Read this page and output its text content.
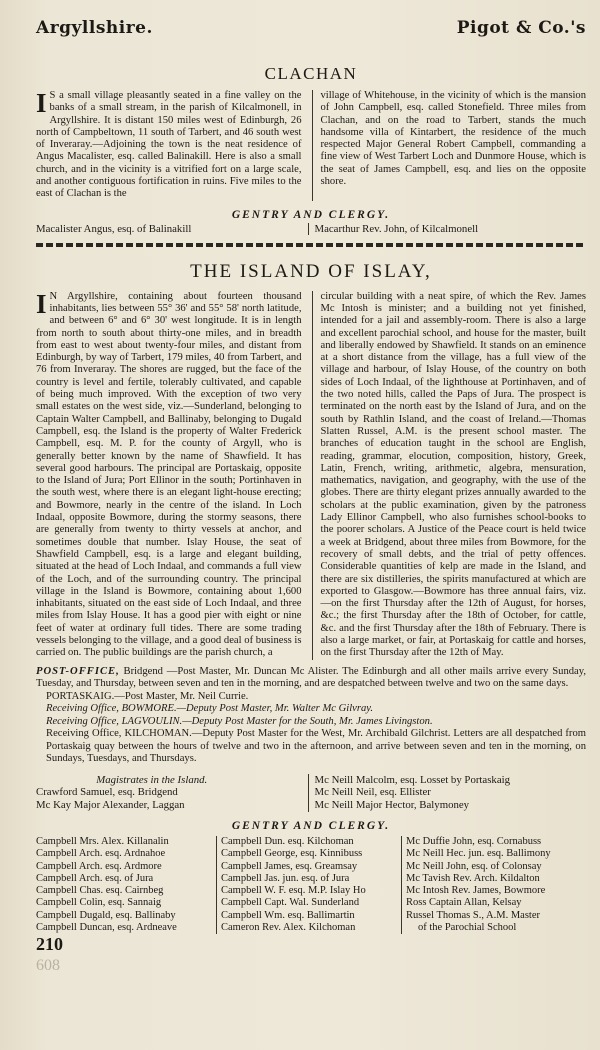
Argyllshire.	Pigot & Co.'s
CLACHAN
I S a small village pleasantly seated in a fine valley on the banks of a small stream, in the parish of Kilcalmonell, in Argyllshire. It is distant 150 miles west of Edinburgh, 26 north of Campbeltown, 11 south of Tarbert, and 46 south west of Inveraray.—Adjoining the town is the neat residence of Angus Macalister, esq. called Balinakill. Here is also a small church, and in the vicinity is a vitrified fort on a large scale, and another contiguous fortification in ruins. Five miles to the east of Clachan is the
village of Whitehouse, in the vicinity of which is the mansion of John Campbell, esq. called Stonefield. Three miles from Clachan, and on the road to Tarbert, stands the much handsome villa of Kintarbert, the residence of the much respected Major General Robert Campbell, commanding a fine view of West Tarbert Loch and Dunmore House, which is the seat of James Campbell, esq. and lies on the opposite shore.
GENTRY AND CLERGY.
Macalister Angus, esq. of Balinakill	Macarthur Rev. John, of Kilcalmonell
THE ISLAND OF ISLAY,
I N Argyllshire, containing about fourteen thousand inhabitants, lies between 55° 36' and 55° 58' north latitude, and between 6° and 6° 30' west longitude. It is in length from north to south about thirty-one miles, and in breadth from east to west about twenty-four miles, and distant from Edinburgh, by way of Tarbert, 179 miles, 40 from Tarbert, and 76 from Inveraray. The shores are rugged, but the face of the country is level and fertile, tolerably cultivated, and capable of being much improved. With the exception of two very small estates on the west side, viz.—Sunderland, belonging to Captain Walter Campbell, and Ballinaby, belonging to Dugald Campbell, esq. the Island is the property of Walter Frederick Campbell, esq. M. P. for the county of Argyll, who is generally better known by the name of Shawfield. It has several good harbours. The principal are Portaskaig, opposite to the Island of Jura; Port Ellinor in the south; Portinhaven in the south west, where there is an elegant light-house erecting; and Bowmore, nearly in the centre of the island. In Loch Indaal, opposite Bowmore, during the stormy seasons, there are generally from twenty to thirty vessels at anchor, and sometimes double that number. Islay House, the seat of Shawfield Campbell, esq. is a large and elegant building, situated at the head of Loch Indaal, and commands a full view of the Loch, and of the surrounding country. The principal village in the Island is Bowmore, containing about 1,600 inhabitants, situated on the east side of Loch Indaal, and three miles from Islay House. It has a good pier with eight or nine feet of water at ordinary full tides. There are some trading vessels belonging to the village, and a good deal of business is carried on. The public buildings are the parish church, a
circular building with a neat spire, of which the Rev. James Mc Intosh is minister; and a building not yet finished, intended for a jail and assembly-room. There is also a large and excellent parochial school, and house for the master, built and liberally endowed by Shawfield. It stands on an eminence at a short distance from the village, has a full view of the village and harbour, of Islay House, of the country on both sides of Loch Indaal, of the lighthouse at Portinhaven, and of the two noted hills, called the Paps of Jura. The prospect is terminated on the north east by the Island of Jura, and on the south by Rathlin Island, and the coast of Ireland.—Thomas Slatten Russel, A.M. is the present school master. The branches of education taught in the school are English, reading, grammar, elocution, composition, history, Greek, Latin, French, writing, arithmetic, algebra, mensuration, mathematics, navigation, and geography, with the use of the globes. There are thirty elegant prizes annually awarded to the scholars at the public examination, given by the patroness Lady Ellinor Campbell, who also furnishes school-books to the poorer scholars. A Justice of the Peace court is held twice a week at Bridgend, about three miles from Bowmore, for the recovery of small debts, and the trial of petty offences. Considerable quantities of kelp are made in the Island, and there are six distilleries, the spirits manufactured at which are exported to Glasgow.—Bowmore has three annual fairs, viz.—on the first Thursday after the 12th of August, for horses, &c.; the first Thursday after the 18th of October, for cattle, &c. and the first Thursday after the 18th of February. There is also a large market, or fair, at Portaskaig for cattle and horses, on the first Thursday after the 12th of May.

POST-OFFICE, Bridgend —Post Master, Mr. Duncan Mc Alister. The Edinburgh and all other mails arrive every Sunday, Tuesday, and Thursday, between seven and ten in the morning, and are despatched between twelve and two on the same days.

PORTASKAIG.—Post Master, Mr. Neil Currie.

Receiving Office, BOWMORE.—Deputy Post Master, Mr. Walter Mc Gilvray.

Receiving Office, LAGVOULIN.—Deputy Post Master for the South, Mr. James Livingston.

Receiving Office, KILCHOMAN.—Deputy Post Master for the West, Mr. Archibald Gilchrist. Letters are all despatched from Portaskaig quay between the hours of twelve and two in the afternoon, and arrive between seven and ten in the morning, on Sundays, Tuesdays, and Thursdays.

Magistrates in the Island.
Crawford Samuel, esq. Bridgend
Mc Kay Major Alexander, Laggan
Mc Neill Malcolm, esq. Losset by Portaskaig
Mc Neill Neil, esq. Ellister
Mc Neill Major Hector, Balymoney
GENTRY AND CLERGY.
Campbell Mrs. Alex. Killanalin
Campbell Arch. esq. Ardnahoe
Campbell Arch. esq. Ardmore
Campbell Arch. esq. of Jura
Campbell Chas. esq. Cairnbeg
Campbell Colin, esq. Sannaig
Campbell Dugald, esq. Ballinaby
Campbell Duncan, esq. Ardneave
Campbell Dun. esq. Kilchoman
Campbell George, esq. Kinnibuss
Campbell James, esq. Greamsay
Campbell Jas. jun. esq. of Jura
Campbell W. F. esq. M.P. Islay Ho
Campbell Capt. Wal. Sunderland
Campbell Wm. esq. Ballimartin
Cameron Rev. Alex. Kilchoman
Mc Duffie John, esq. Cornabuss
Mc Neill Hec. jun. esq. Ballimony
Mc Neill John, esq. of Colonsay
Mc Tavish Rev. Arch. Kildalton
Mc Intosh Rev. James, Bowmore
Ross Captain Allan, Kelsay
Russel Thomas S., A.M. Master
of the Parochial School
210
608
